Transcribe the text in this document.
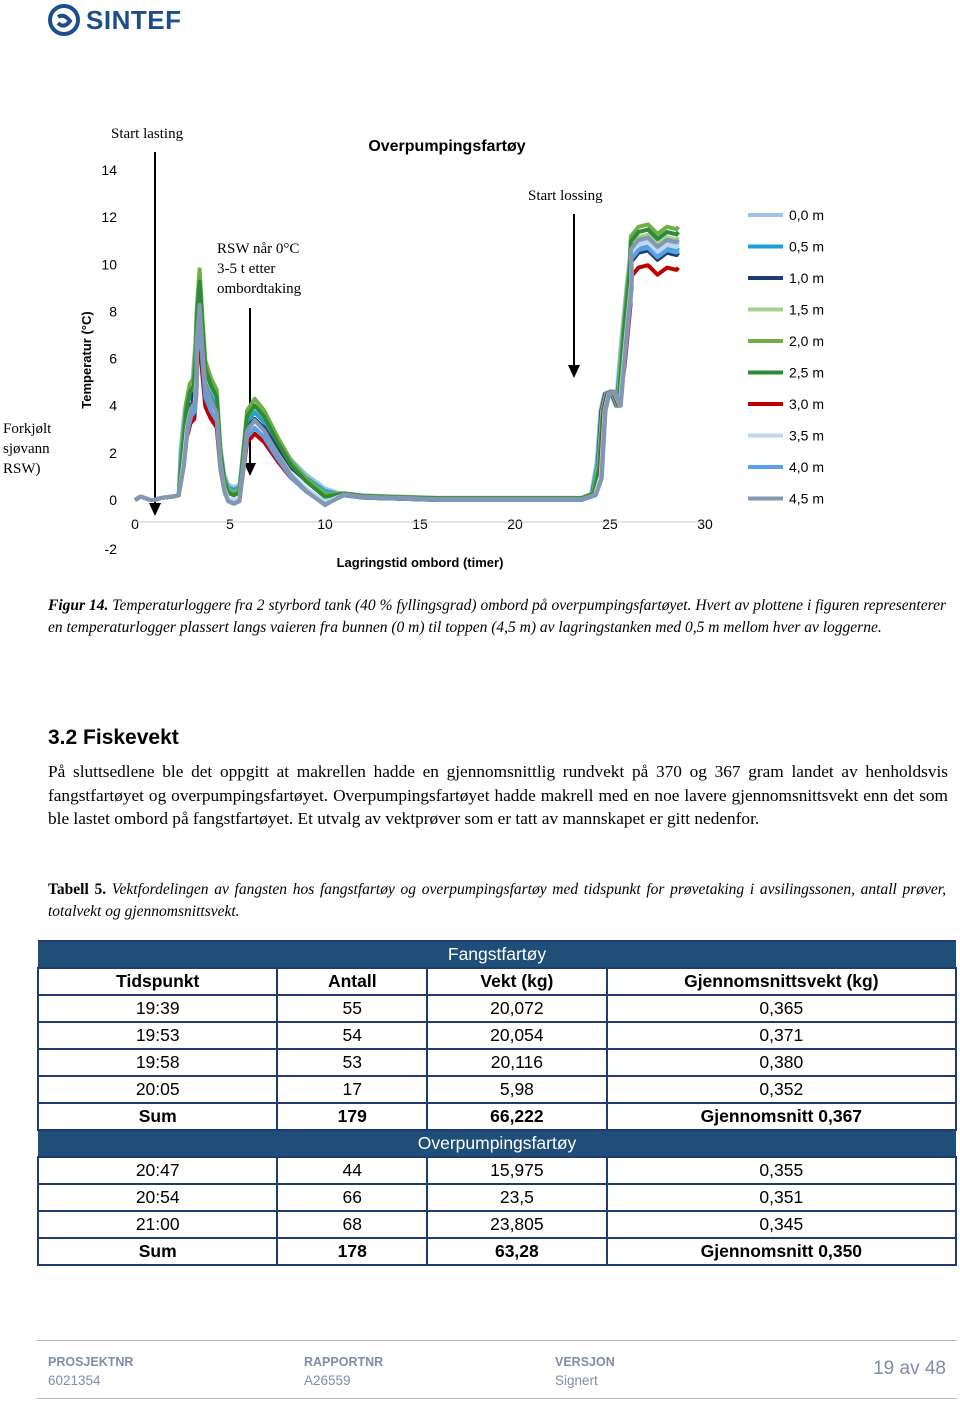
SINTEF
Forkjølt
sjøvann
RSW)
Start lasting
RSW når 0°C
3-5 t etter
ombordtaking
Start lossing
Overpumpingsfartøy
14
12
10
8
6
4
2
0
-2
0	5	10	15	20	25	30
Lagringstid ombord (timer)
Temperatur (°C)
0,0 m
0,5 m
1,0 m
1,5 m
2,0 m
2,5 m
3,0 m
3,5 m
4,0 m
4,5 m
Figur 14. Temperaturloggere fra 2 styrbord tank (40 % fyllingsgrad) ombord på overpumpingsfartøyet. Hvert av plottene i figuren representerer en temperaturlogger plassert langs vaieren fra bunnen (0 m) til toppen (4,5 m) av lagringstanken med 0,5 m mellom hver av loggerne.
3.2 Fiskevekt
På sluttsedlene ble det oppgitt at makrellen hadde en gjennomsnittlig rundvekt på 370 og 367 gram landet av henholdsvis fangstfartøyet og overpumpingsfartøyet. Overpumpingsfartøyet hadde makrell med en noe lavere gjennomsnittsvekt enn det som ble lastet ombord på fangstfartøyet. Et utvalg av vektprøver som er tatt av mannskapet er gitt nedenfor.
Tabell 5. Vektfordelingen av fangsten hos fangstfartøy og overpumpingsfartøy med tidspunkt for prøvetaking i avsilingssonen, antall prøver, totalvekt og gjennomsnittsvekt.
Fangstfartøy			
Tidspunkt	Antall	Vekt (kg)	Gjennomsnittsvekt (kg)
19:39	55	20,072	0,365
19:53	54	20,054	0,371
19:58	53	20,116	0,380
20:05	17	5,98	0,352
Sum	179	66,222	Gjennomsnitt 0,367
Overpumpingsfartøy			
20:47	44	15,975	0,355
20:54	66	23,5	0,351
21:00	68	23,805	0,345
Sum	178	63,28	Gjennomsnitt 0,350
PROSJEKTNR
6021354
RAPPORTNR
A26559
VERSJON
Signert
19 av 48
